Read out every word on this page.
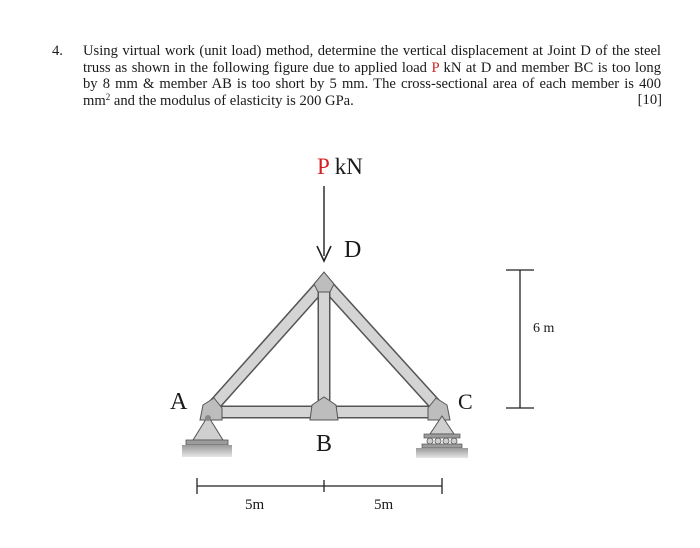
4. Using virtual work (unit load) method, determine the vertical displacement at Joint D of the steel truss as shown in the following figure due to applied load P kN at D and member BC is too long by 8 mm & member AB is too short by 5 mm. The cross-sectional area of each member is 400 $mm^2$ and the modulus of elasticity is 200 GPa.	[10]
P kN
D
A
B
C
6 m
5m	5m
